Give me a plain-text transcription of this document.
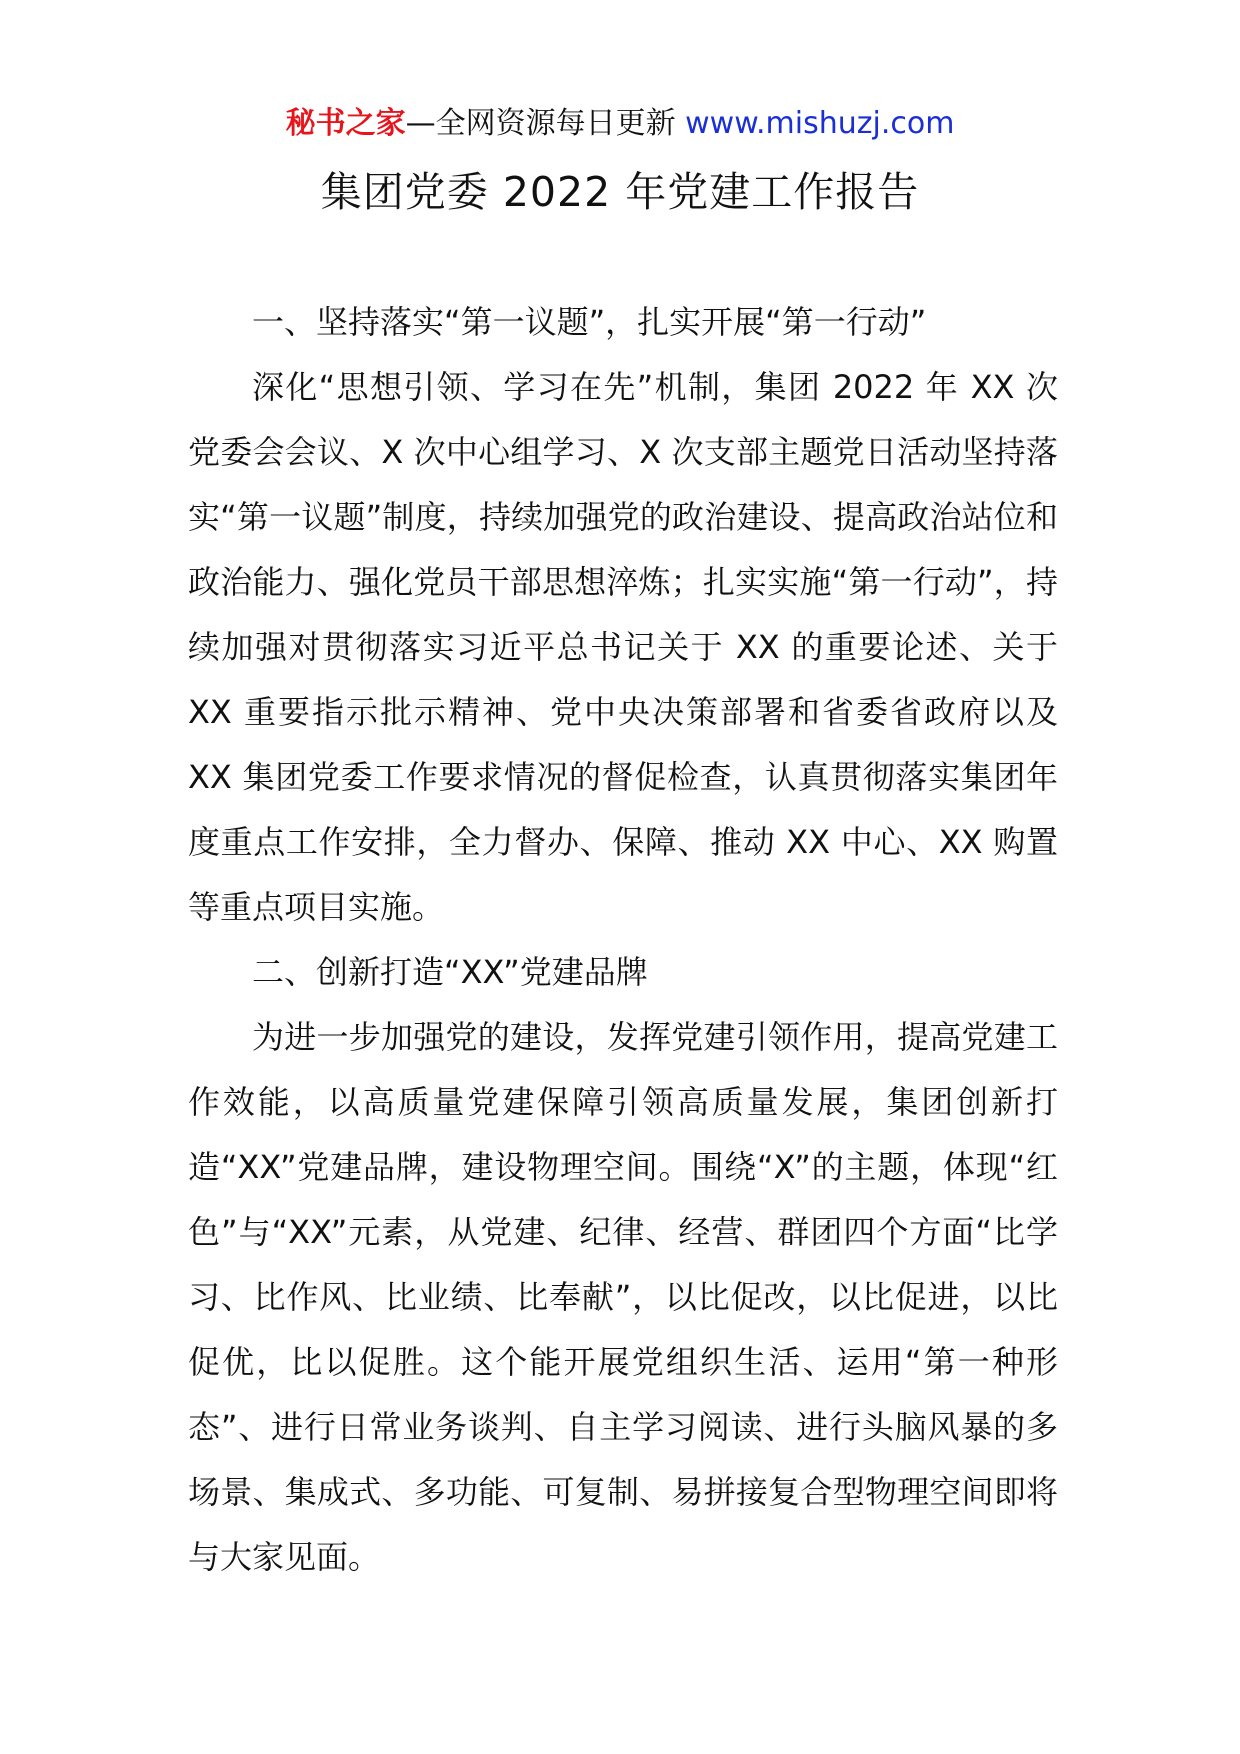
秘书之家—全网资源每日更新 www.mishuzj.com
集团党委 2022 年党建工作报告

一、坚持落实“第一议题”，扎实开展“第一行动”

深化“思想引领、学习在先”机制，集团 2022 年 XX 次党委会会议、X 次中心组学习、X 次支部主题党日活动坚持落实“第一议题”制度，持续加强党的政治建设、提高政治站位和政治能力、强化党员干部思想淬炼；扎实实施“第一行动”，持续加强对贯彻落实习近平总书记关于 XX 的重要论述、关于 XX 重要指示批示精神、党中央决策部署和省委省政府以及 XX 集团党委工作要求情况的督促检查，认真贯彻落实集团年度重点工作安排，全力督办、保障、推动 XX 中心、XX 购置等重点项目实施。

二、创新打造“XX”党建品牌

为进一步加强党的建设，发挥党建引领作用，提高党建工作效能，以高质量党建保障引领高质量发展，集团创新打造“XX”党建品牌，建设物理空间。围绕“X”的主题，体现“红色”与“XX”元素，从党建、纪律、经营、群团四个方面“比学习、比作风、比业绩、比奉献”，以比促改，以比促进，以比促优，比以促胜。这个能开展党组织生活、运用“第一种形态”、进行日常业务谈判、自主学习阅读、进行头脑风暴的多场景、集成式、多功能、可复制、易拼接复合型物理空间即将与大家见面。
